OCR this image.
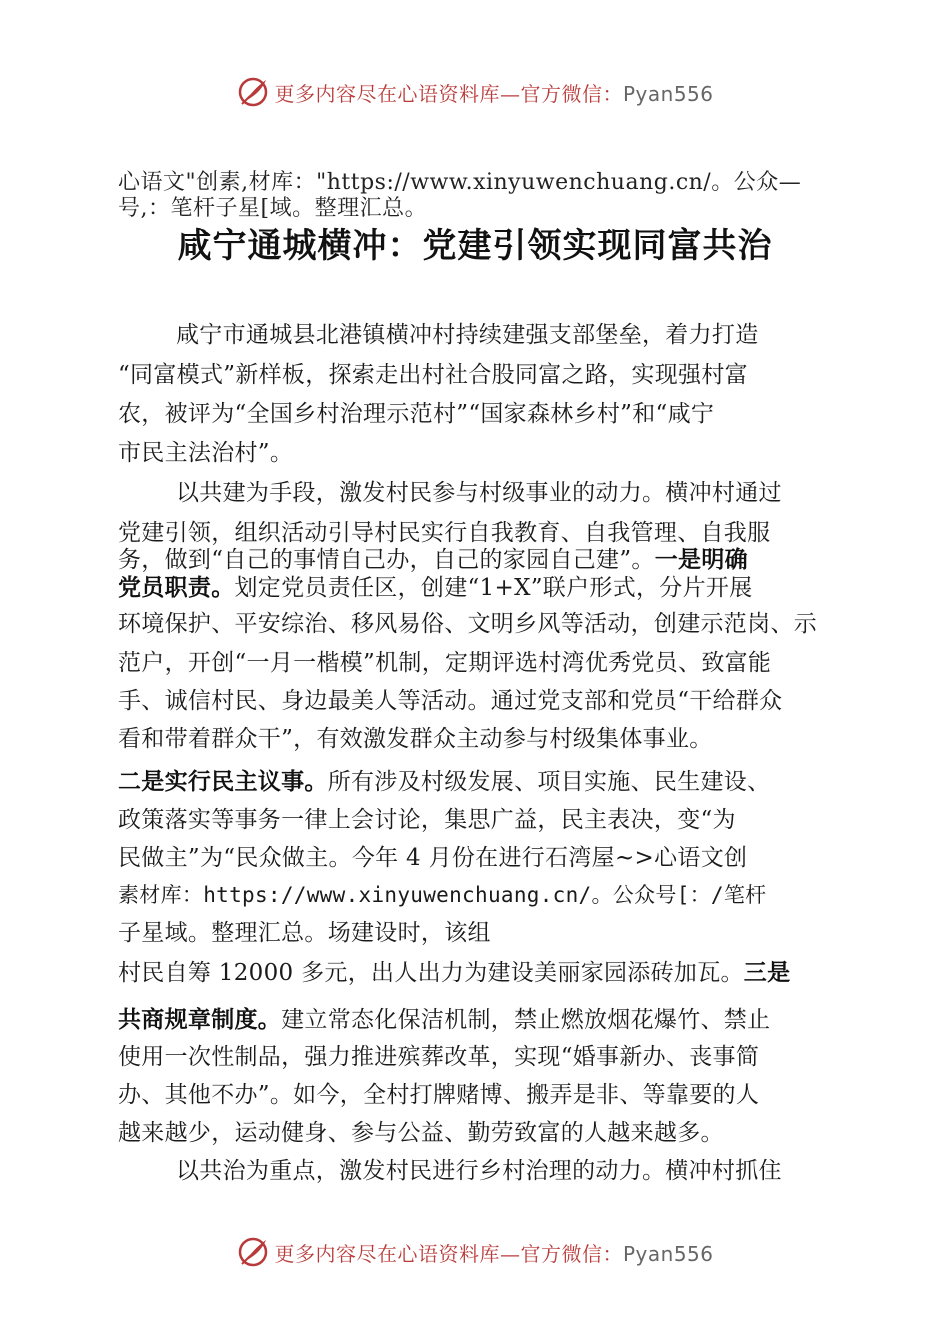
更多内容尽在心语资料库—官方微信：Pyan556
心语文"创素,材库："https://www.xinyuwenchuang.cn/。公众—
号,：笔杆子星[域。整理汇总。
咸宁通城横冲：党建引领实现同富共治
咸宁市通城县北港镇横冲村持续建强支部堡垒，着力打造
“同富模式”新样板，探索走出村社合股同富之路，实现强村富
农，被评为“全国乡村治理示范村”“国家森林乡村”和“咸宁
市民主法治村”。
以共建为手段，激发村民参与村级事业的动力。横冲村通过
党建引领，组织活动引导村民实行自我教育、自我管理、自我服
务，做到“自己的事情自己办，自己的家园自己建”。一是明确
党员职责。划定党员责任区，创建“1+X”联户形式，分片开展
环境保护、平安综治、移风易俗、文明乡风等活动，创建示范岗、示
范户，开创“一月一楷模”机制，定期评选村湾优秀党员、致富能
手、诚信村民、身边最美人等活动。通过党支部和党员“干给群众
看和带着群众干”，有效激发群众主动参与村级集体事业。
二是实行民主议事。所有涉及村级发展、项目实施、民生建设、
政策落实等事务一律上会讨论，集思广益，民主表决，变“为
民做主”为“民众做主。今年 4 月份在进行石湾屋~>心语文创
素材库：https://www.xinyuwenchuang.cn/。公众号[：/笔杆
子星域。整理汇总。场建设时，该组
村民自筹 12000 多元，出人出力为建设美丽家园添砖加瓦。三是
共商规章制度。建立常态化保洁机制，禁止燃放烟花爆竹、禁止
使用一次性制品，强力推进殡葬改革，实现“婚事新办、丧事简
办、其他不办”。如今，全村打牌赌博、搬弄是非、等靠要的人
越来越少，运动健身、参与公益、勤劳致富的人越来越多。
以共治为重点，激发村民进行乡村治理的动力。横冲村抓住
更多内容尽在心语资料库—官方微信：Pyan556
